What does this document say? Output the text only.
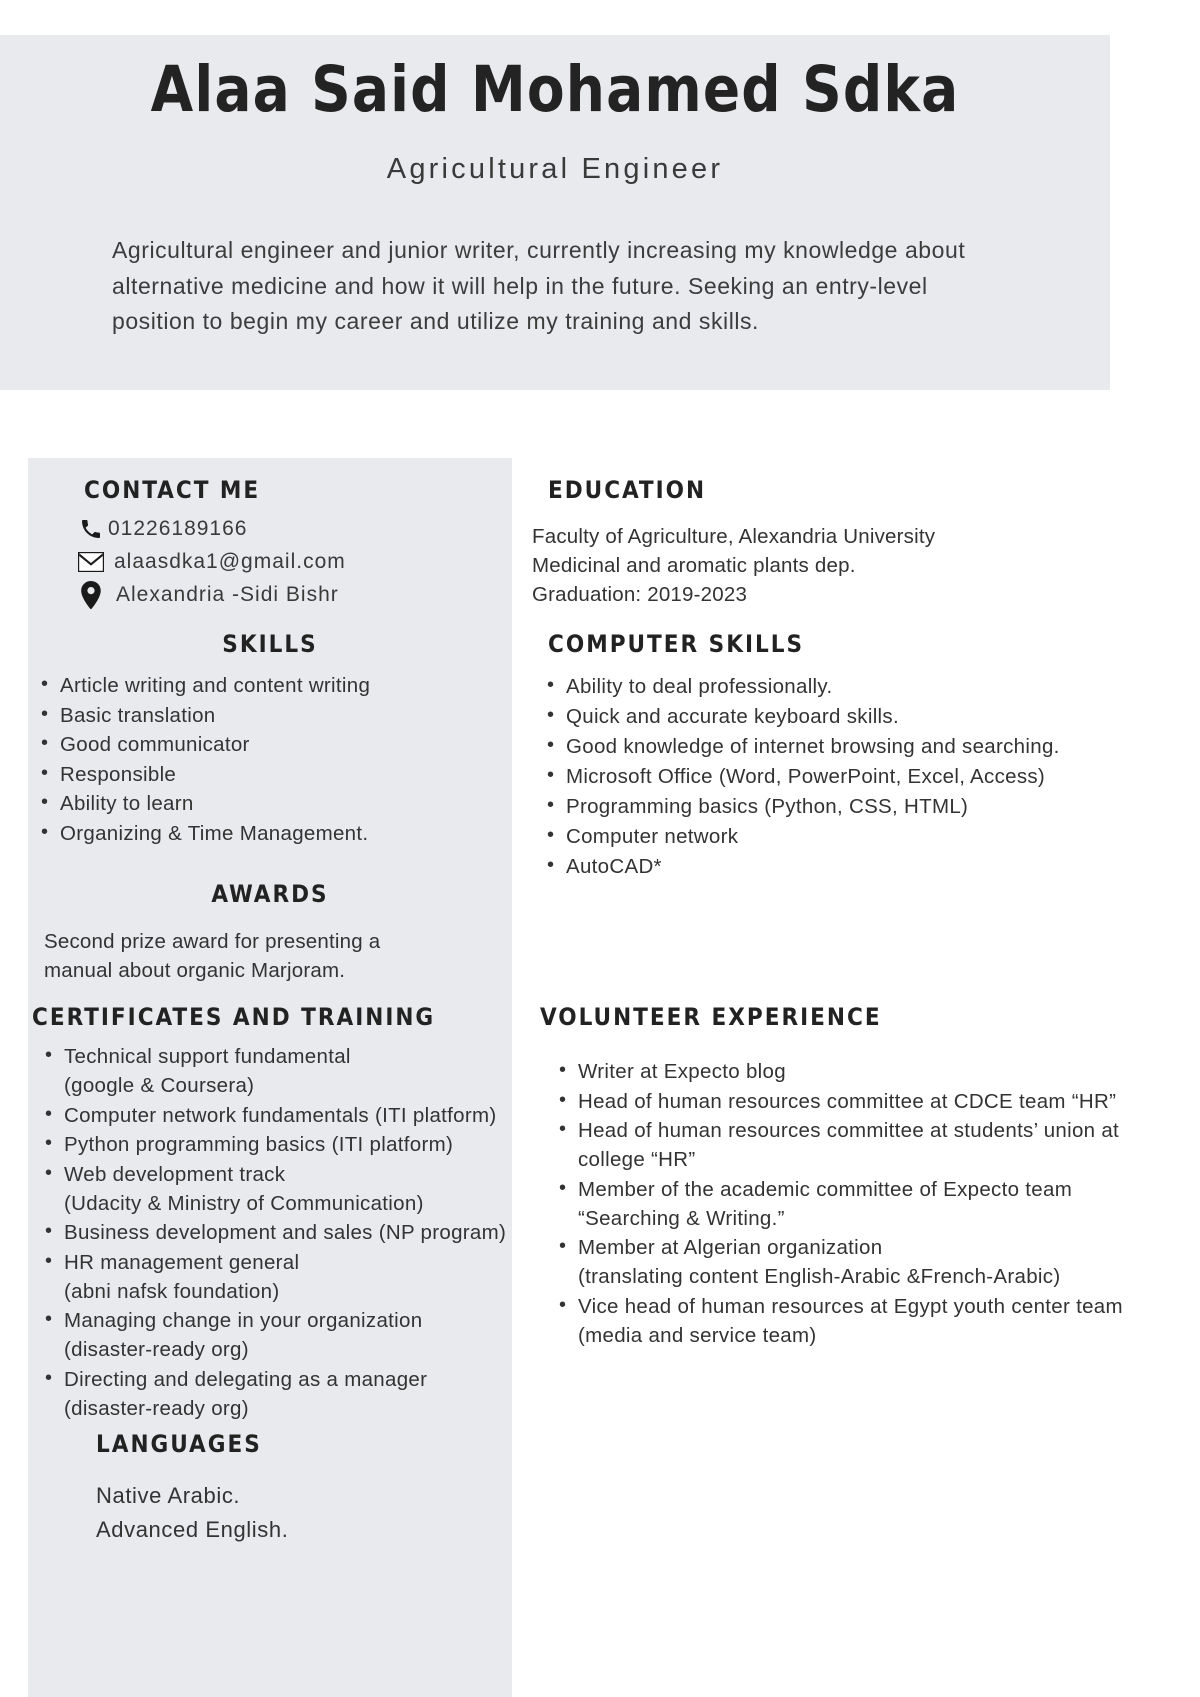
Alaa Said Mohamed Sdka
Agricultural Engineer
Agricultural engineer and junior writer, currently increasing my knowledge about alternative medicine and how it will help in the future. Seeking an entry-level position to begin my career and utilize my training and skills.
CONTACT ME
01226189166
alaasdka1@gmail.com
Alexandria -Sidi Bishr
SKILLS
• Article writing and content writing
• Basic translation
• Good communicator
• Responsible
• Ability to learn
• Organizing & Time Management.
AWARDS
Second prize award for presenting a
manual about organic Marjoram.
CERTIFICATES AND TRAINING
• Technical support fundamental
(google & Coursera)
• Computer network fundamentals (ITI platform)
• Python programming basics (ITI platform)
• Web development track
(Udacity & Ministry of Communication)
• Business development and sales (NP program)
• HR management general
(abni nafsk foundation)
• Managing change in your organization
(disaster-ready org)
• Directing and delegating as a manager
(disaster-ready org)
LANGUAGES
Native Arabic.
Advanced English.
EDUCATION
Faculty of Agriculture, Alexandria University
Medicinal and aromatic plants dep.
Graduation: 2019-2023
COMPUTER SKILLS
• Ability to deal professionally.
• Quick and accurate keyboard skills.
• Good knowledge of internet browsing and searching.
• Microsoft Office (Word, PowerPoint, Excel, Access)
• Programming basics (Python, CSS, HTML)
• Computer network
• AutoCAD*
VOLUNTEER EXPERIENCE
• Writer at Expecto blog
• Head of human resources committee at CDCE team “HR”
• Head of human resources committee at students’ union at
college “HR”
• Member of the academic committee of Expecto team
“Searching & Writing.”
• Member at Algerian organization
(translating content English-Arabic &French-Arabic)
• Vice head of human resources at Egypt youth center team
(media and service team)
